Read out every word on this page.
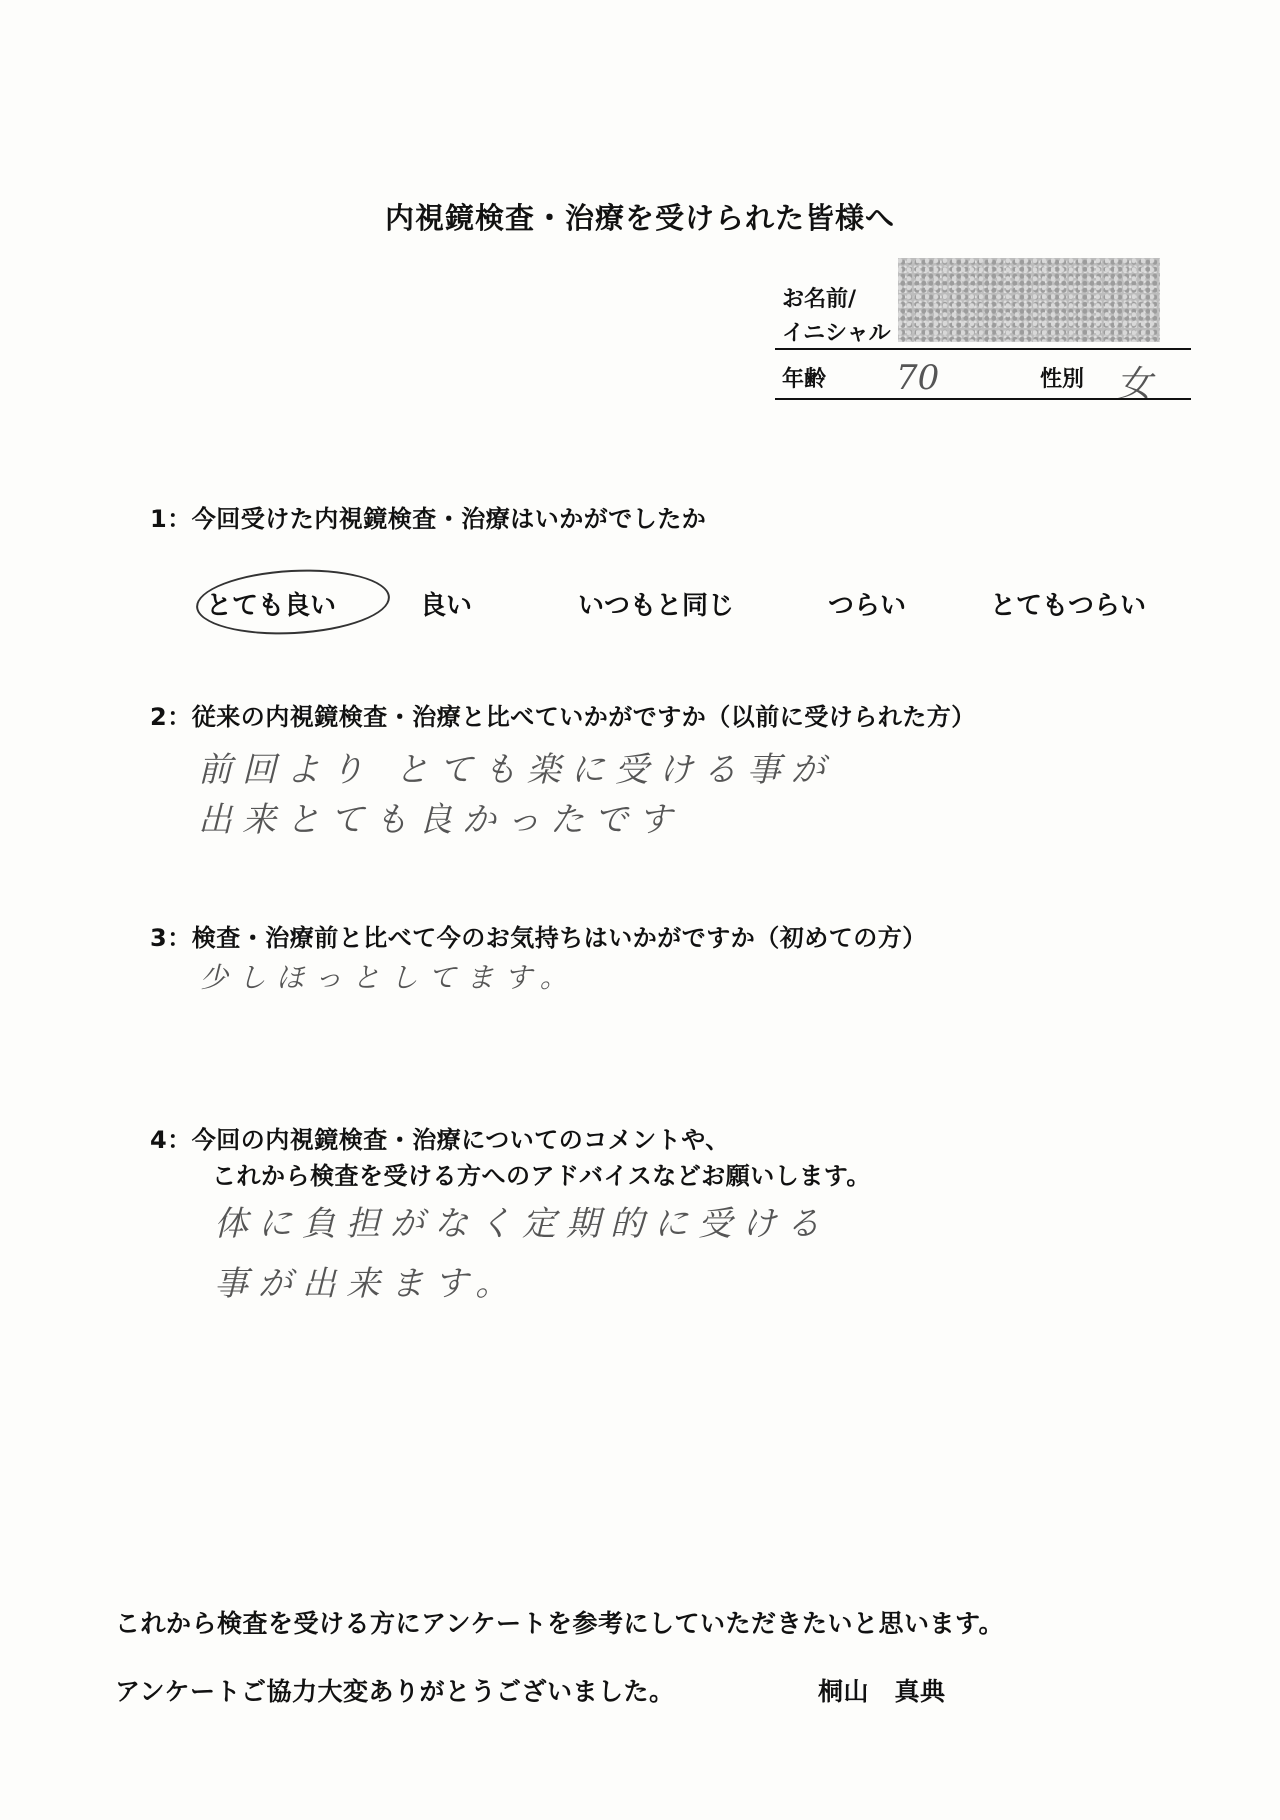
内視鏡検査・治療を受けられた皆様へ
お名前/
イニシャル
年齢 70	性別 女
1：今回受けた内視鏡検査・治療はいかがでしたか
とても良い	良い	いつもと同じ	つらい	とてもつらい
2：従来の内視鏡検査・治療と比べていかがですか（以前に受けられた方）
前回より とても楽に受ける事が
出来とても良かったです
3：検査・治療前と比べて今のお気持ちはいかがですか（初めての方）
少しほっとしてます。
4：今回の内視鏡検査・治療についてのコメントや、
これから検査を受ける方へのアドバイスなどお願いします。
体に負担がなく定期的に受ける
事が出来ます。
これから検査を受ける方にアンケートを参考にしていただきたいと思います。
アンケートご協力大変ありがとうございました。	桐山　真典
